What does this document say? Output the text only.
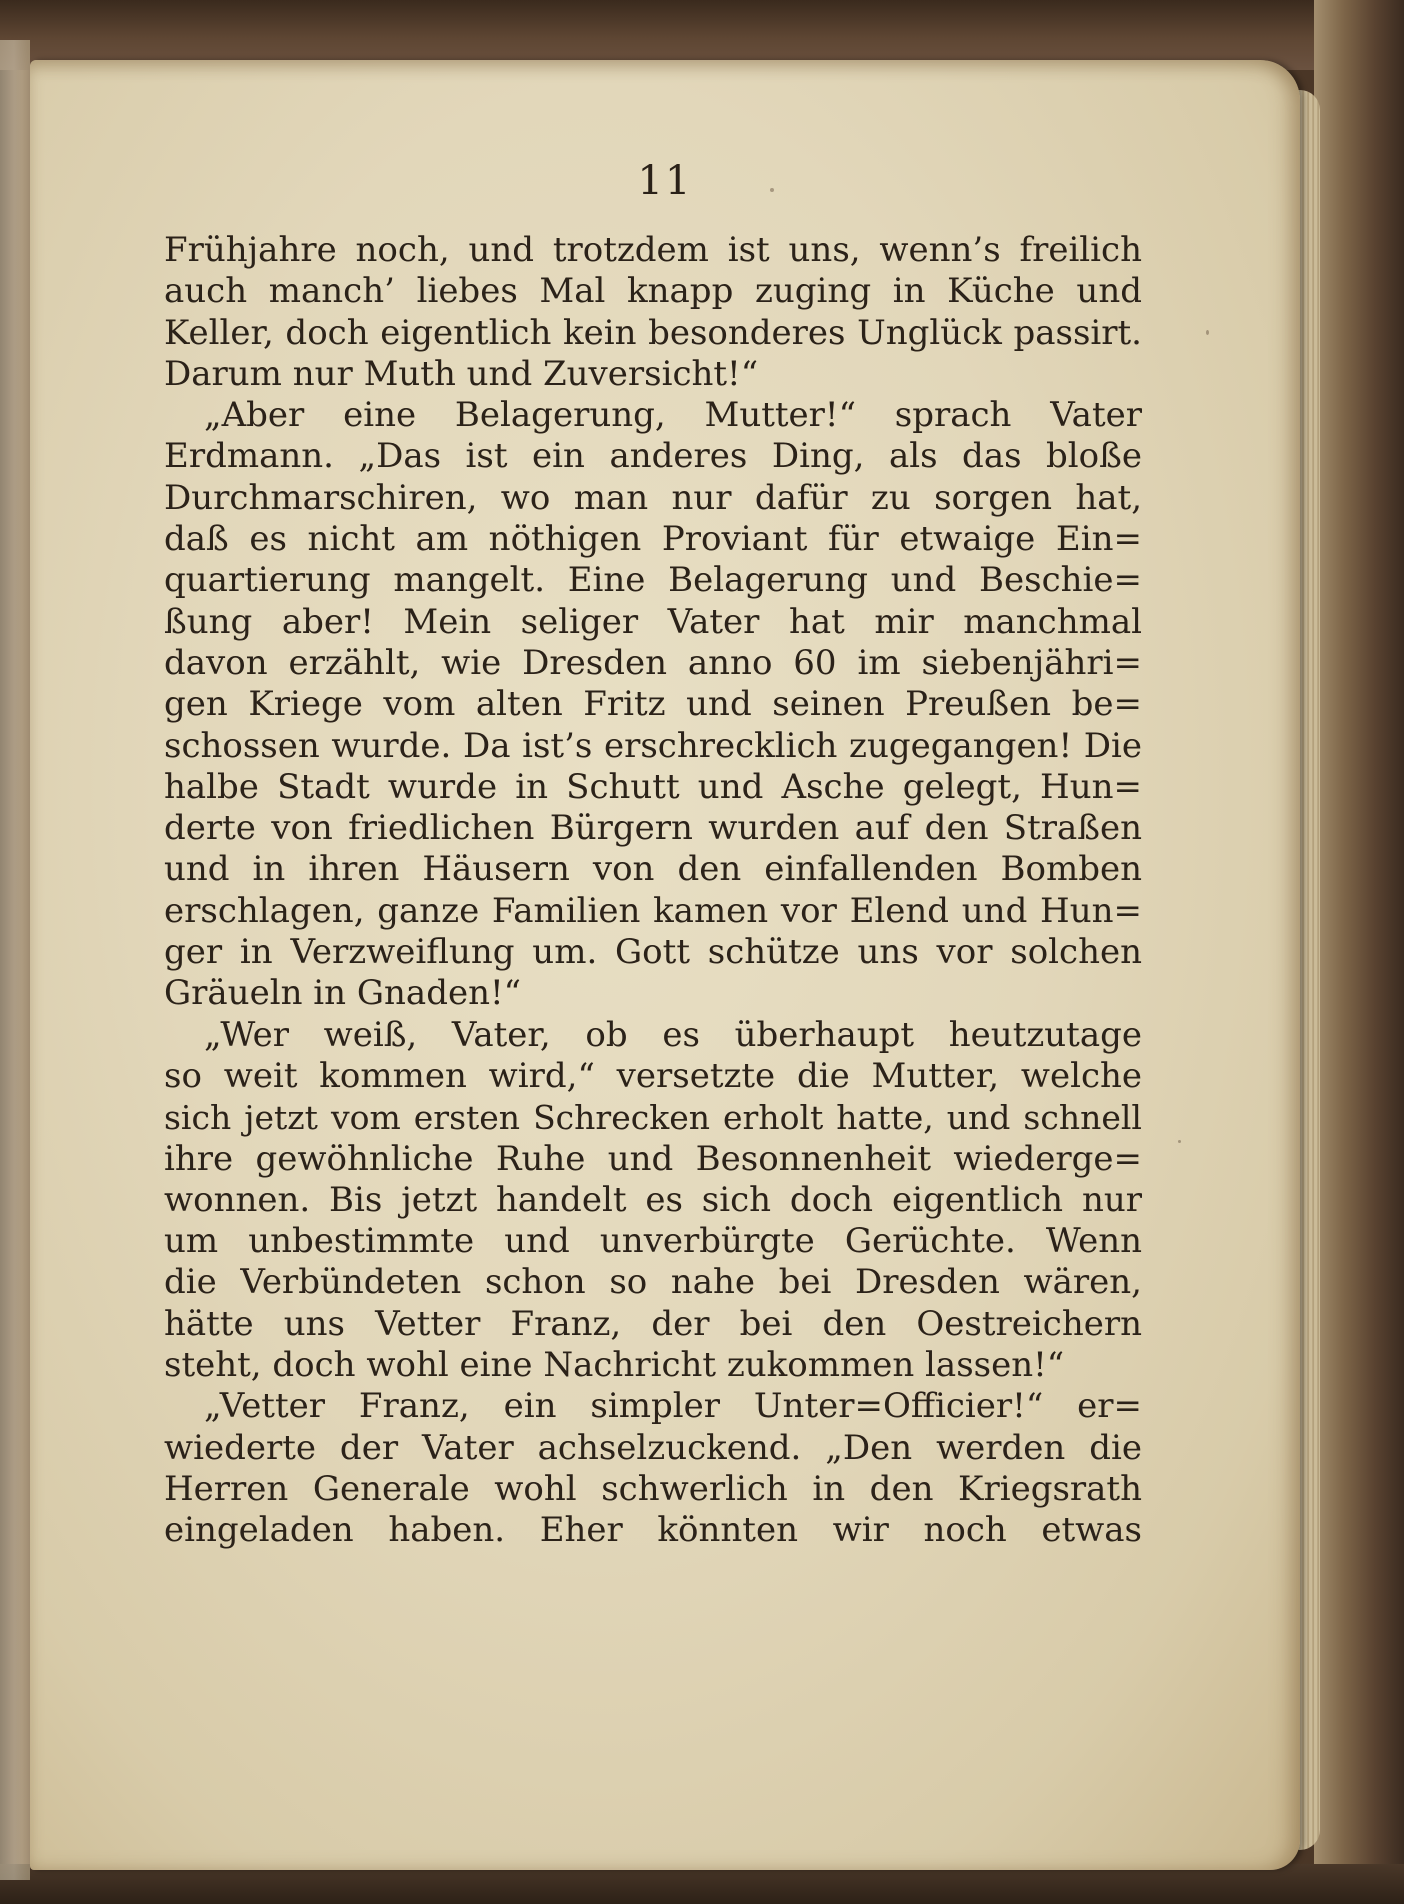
11
Frühjahre noch, und trotzdem ist uns, wenn’s freilich
auch manch’ liebes Mal knapp zuging in Küche und
Keller, doch eigentlich kein besonderes Unglück passirt.
Darum nur Muth und Zuversicht!“
„Aber eine Belagerung, Mutter!“ sprach Vater
Erdmann. „Das ist ein anderes Ding, als das bloße
Durchmarschiren, wo man nur dafür zu sorgen hat,
daß es nicht am nöthigen Proviant für etwaige Ein=
quartierung mangelt. Eine Belagerung und Beschie=
ßung aber! Mein seliger Vater hat mir manchmal
davon erzählt, wie Dresden anno 60 im siebenjähri=
gen Kriege vom alten Fritz und seinen Preußen be=
schossen wurde. Da ist’s erschrecklich zugegangen! Die
halbe Stadt wurde in Schutt und Asche gelegt, Hun=
derte von friedlichen Bürgern wurden auf den Straßen
und in ihren Häusern von den einfallenden Bomben
erschlagen, ganze Familien kamen vor Elend und Hun=
ger in Verzweiflung um. Gott schütze uns vor solchen
Gräueln in Gnaden!“
„Wer weiß, Vater, ob es überhaupt heutzutage
so weit kommen wird,“ versetzte die Mutter, welche
sich jetzt vom ersten Schrecken erholt hatte, und schnell
ihre gewöhnliche Ruhe und Besonnenheit wiederge=
wonnen. Bis jetzt handelt es sich doch eigentlich nur
um unbestimmte und unverbürgte Gerüchte. Wenn
die Verbündeten schon so nahe bei Dresden wären,
hätte uns Vetter Franz, der bei den Oestreichern
steht, doch wohl eine Nachricht zukommen lassen!“
„Vetter Franz, ein simpler Unter=Officier!“ er=
wiederte der Vater achselzuckend. „Den werden die
Herren Generale wohl schwerlich in den Kriegsrath
eingeladen haben. Eher könnten wir noch etwas
